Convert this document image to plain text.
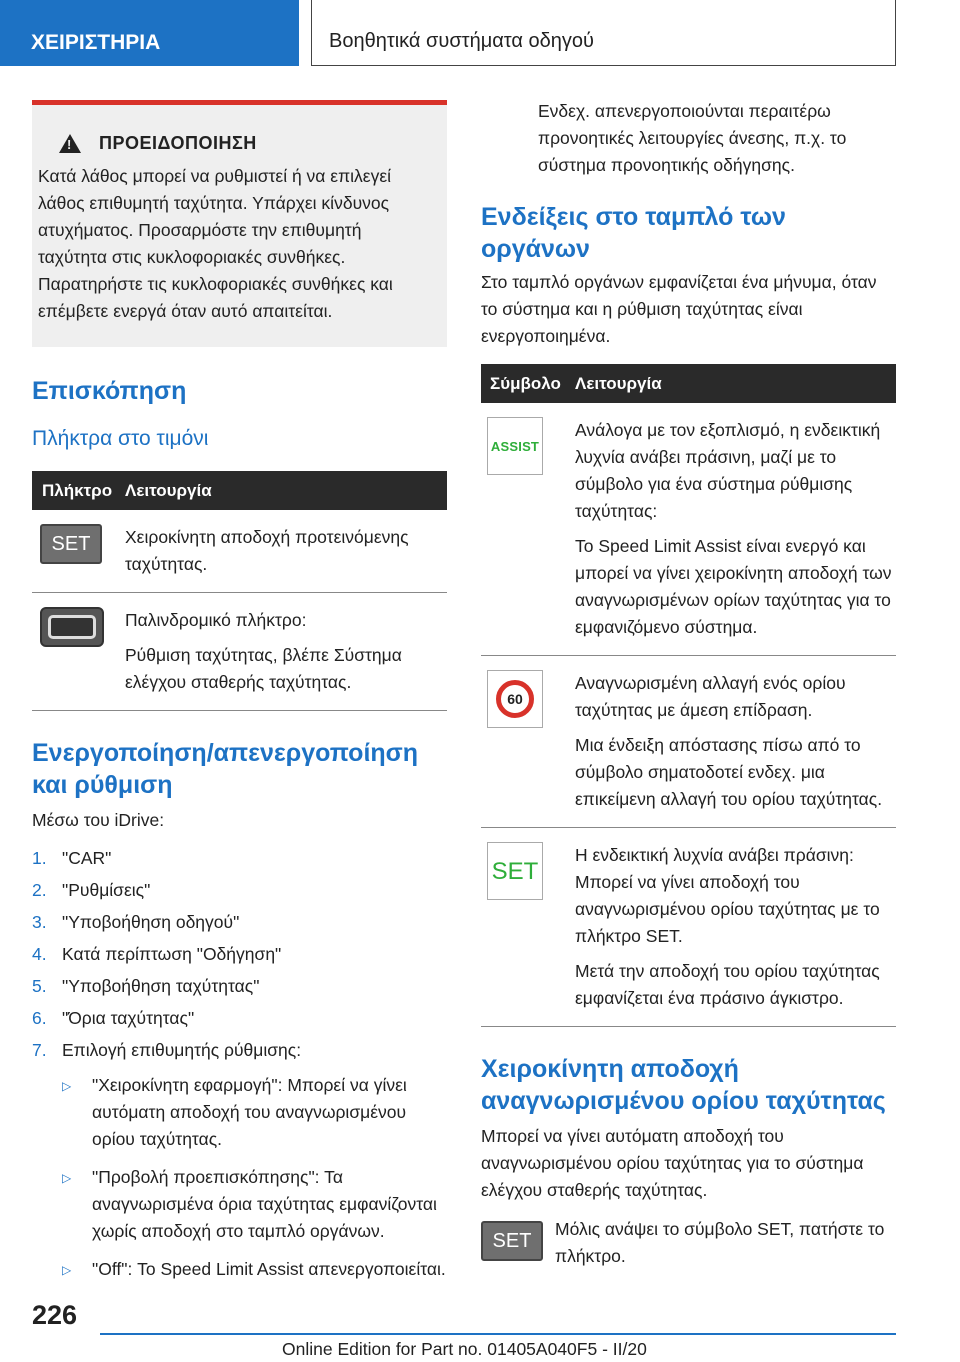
ΧΕΙΡΙΣΤΗΡΙΑ	Βοηθητικά συστήματα οδηγού
!
ΠΡΟΕΙΔΟΠΟΙΗΣΗ

Κατά λάθος μπορεί να ρυθμιστεί ή να επιλεγεί λάθος επιθυμητή ταχύτητα. Υπάρχει κίνδυνος ατυχήματος. Προσαρμόστε την επιθυμητή ταχύτητα στις κυκλοφοριακές συνθήκες. Παρατηρήστε τις κυκλοφοριακές συνθήκες και επέμβετε ενεργά όταν αυτό απαιτείται.

Επισκόπηση
Πλήκτρα στο τιμόνι
Πλήκτρο	Λειτουργία
SET	Χειροκίνητη αποδοχή προτεινόμενης ταχύτητας.

	Παλινδρομικό πλήκτρο:

Ρύθμιση ταχύτητας, βλέπε Σύστημα ελέγχου σταθερής ταχύτητας.

Ενεργοποίηση/απενεργοποίηση και ρύθμιση

Μέσω του iDrive:

1. "CAR"
2. "Ρυθμίσεις"
3. "Υποβοήθηση οδηγού"
4. Κατά περίπτωση "Οδήγηση"
5. "Υποβοήθηση ταχύτητας"
6. "Όρια ταχύτητας"
7. Επιλογή επιθυμητής ρύθμισης:
▷	"Χειροκίνητη εφαρμογή": Μπορεί να γίνει αυτόματη αποδοχή του αναγνωρισμένου ορίου ταχύτητας.
▷	"Προβολή προεπισκόπησης": Τα αναγνωρισμένα όρια ταχύτητας εμφανίζονται χωρίς αποδοχή στο ταμπλό οργάνων.
▷	"Off": Το Speed Limit Assist απενεργοποιείται.

Ενδεχ. απενεργοποιούνται περαιτέρω προνοητικές λειτουργίες άνεσης, π.χ. το σύστημα προνοητικής οδήγησης.

Ενδείξεις στο ταμπλό των οργάνων

Στο ταμπλό οργάνων εμφανίζεται ένα μήνυμα, όταν το σύστημα και η ρύθμιση ταχύτητας είναι ενεργοποιημένα.

Σύμβολο	Λειτουργία

ASSIST	Ανάλογα με τον εξοπλισμό, η ενδεικτική λυχνία ανάβει πράσινη, μαζί με το σύμβολο για ένα σύστημα ρύθμισης ταχύτητας:

Το Speed Limit Assist είναι ενεργό και μπορεί να γίνει χειροκίνητη αποδοχή των αναγνωρισμένων ορίων ταχύτητας για το εμφανιζόμενο σύστημα.

60	Αναγνωρισμένη αλλαγή ενός ορίου ταχύτητας με άμεση επίδραση.

Μια ένδειξη απόστασης πίσω από το σύμβολο σηματοδοτεί ενδεχ. μια επικείμενη αλλαγή του ορίου ταχύτητας.

SET	Η ενδεικτική λυχνία ανάβει πράσινη: Μπορεί να γίνει αποδοχή του αναγνωρισμένου ορίου ταχύτητας με το πλήκτρο SET.

Μετά την αποδοχή του ορίου ταχύτητας εμφανίζεται ένα πράσινο άγκιστρο.

Χειροκίνητη αποδοχή αναγνωρισμένου ορίου ταχύτητας

Μπορεί να γίνει αυτόματη αποδοχή του αναγνωρισμένου ορίου ταχύτητας για το σύστημα ελέγχου σταθερής ταχύτητας.

SET

Μόλις ανάψει το σύμβολο SET, πατήστε το πλήκτρο.

226
Online Edition for Part no. 01405A040F5 - II/20
